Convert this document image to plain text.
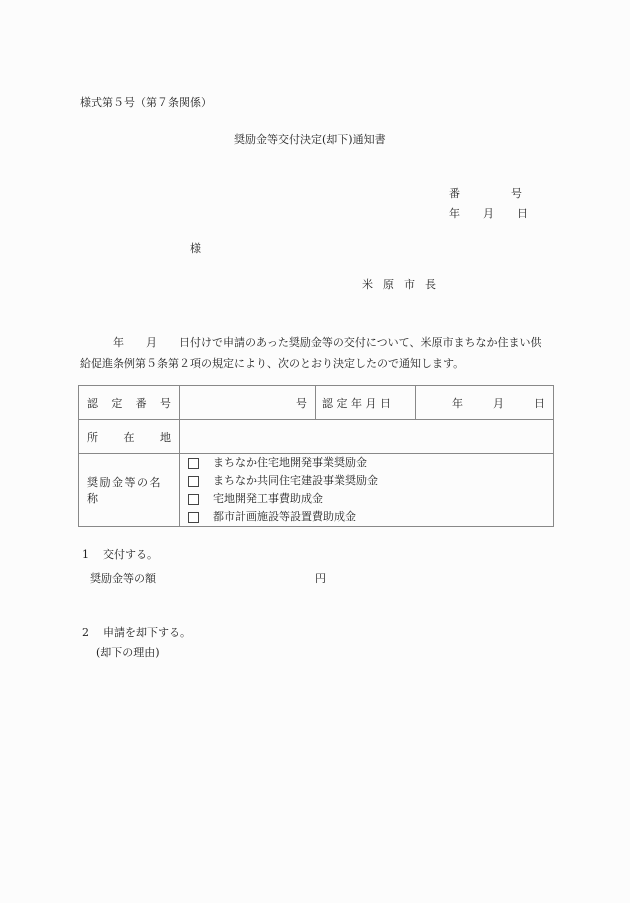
様式第５号（第７条関係）
奨励金等交付決定(却下)通知書
番	号
年 月 日
様
米原市長
年　　月　　日付けで申請のあった奨励金等の交付について、米原市まちなか住まい供
給促進条例第５条第２項の規定により、次のとおり決定したので通知します。
認 定 番 号	号	認 定 年 月 日	年 月 日

所 在 地			

奨励金等の名称	
まちなか住宅地開発事業奨励金
まちなか共同住宅建設事業奨励金
宅地開発工事費助成金
都市計画施設等設置費助成金
1 交付する。
奨励金等の額	円
2 申請を却下する。
(却下の理由)
